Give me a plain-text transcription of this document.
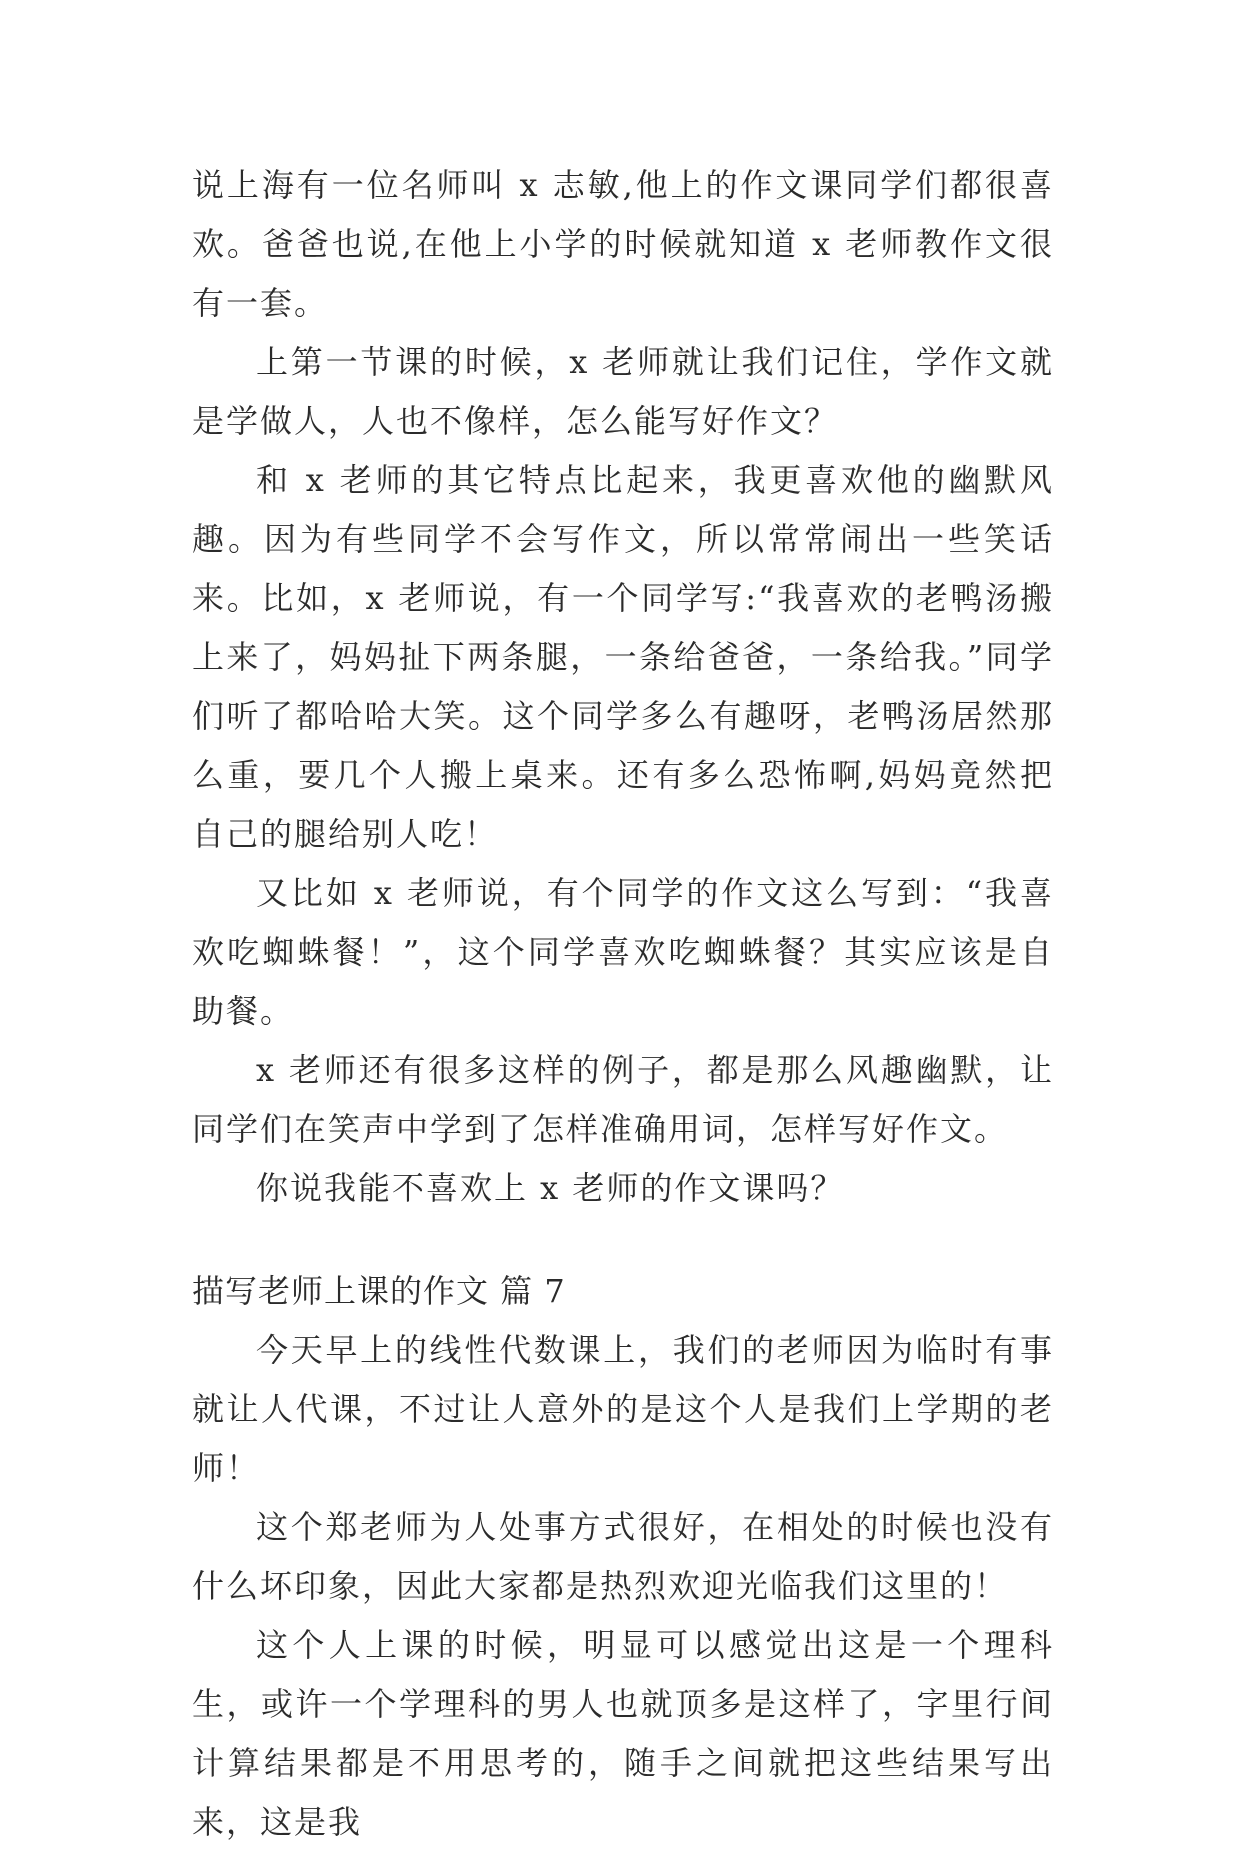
说上海有一位名师叫 x 志敏,他上的作文课同学们都很喜欢。爸爸也说,在他上小学的时候就知道 x 老师教作文很有一套。

上第一节课的时候，x 老师就让我们记住，学作文就是学做人，人也不像样，怎么能写好作文？

和 x 老师的其它特点比起来，我更喜欢他的幽默风趣。因为有些同学不会写作文，所以常常闹出一些笑话来。比如，x 老师说，有一个同学写:“我喜欢的老鸭汤搬上来了，妈妈扯下两条腿，一条给爸爸，一条给我。”同学们听了都哈哈大笑。这个同学多么有趣呀，老鸭汤居然那么重，要几个人搬上桌来。还有多么恐怖啊,妈妈竟然把自己的腿给别人吃！

又比如 x 老师说，有个同学的作文这么写到：“我喜欢吃蜘蛛餐！”，这个同学喜欢吃蜘蛛餐？其实应该是自助餐。

x 老师还有很多这样的例子，都是那么风趣幽默，让同学们在笑声中学到了怎样准确用词，怎样写好作文。

你说我能不喜欢上 x 老师的作文课吗？

描写老师上课的作文 篇 7

今天早上的线性代数课上，我们的老师因为临时有事就让人代课，不过让人意外的是这个人是我们上学期的老师！

这个郑老师为人处事方式很好，在相处的时候也没有什么坏印象，因此大家都是热烈欢迎光临我们这里的！

这个人上课的时候，明显可以感觉出这是一个理科生，或许一个学理科的男人也就顶多是这样了，字里行间计算结果都是不用思考的，随手之间就把这些结果写出来，这是我
